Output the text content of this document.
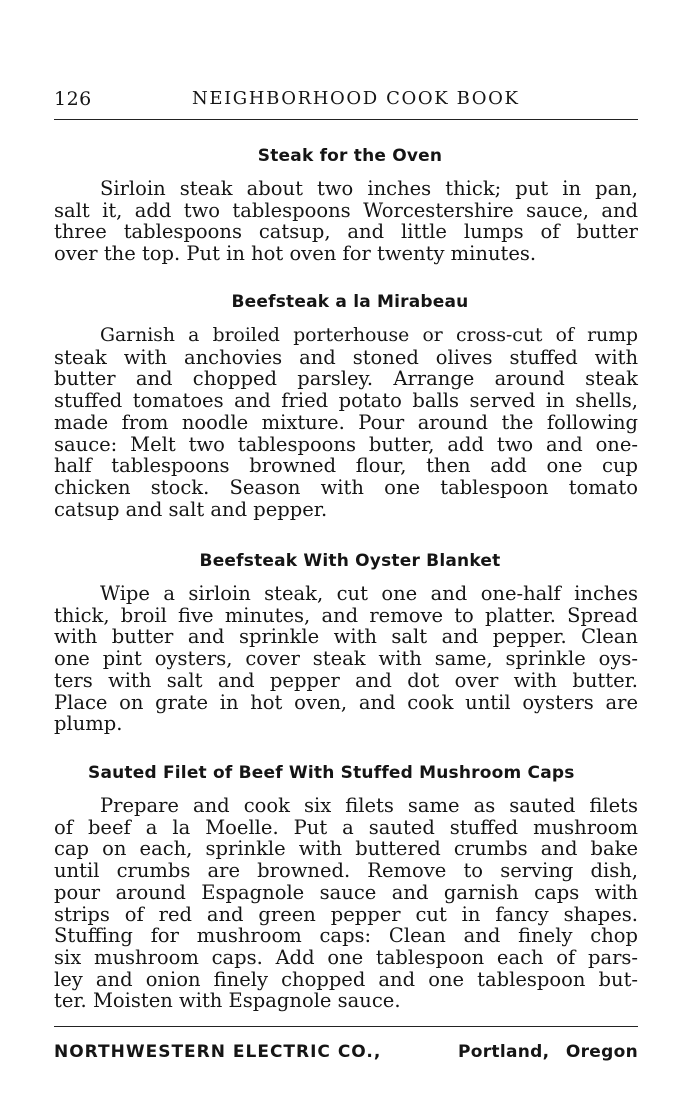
126	NEIGHBORHOOD COOK BOOK
Steak for the Oven
Sirloin steak about two inches thick; put in pan,
salt it, add two tablespoons Worcestershire sauce, and
three tablespoons catsup, and little lumps of butter
over the top. Put in hot oven for twenty minutes.
Beefsteak a la Mirabeau
Garnish a broiled porterhouse or cross-cut of rump
steak with anchovies and stoned olives stuffed with
butter and chopped parsley. Arrange around steak
stuffed tomatoes and fried potato balls served in shells,
made from noodle mixture. Pour around the following
sauce: Melt two tablespoons butter, add two and one-
half tablespoons browned flour, then add one cup
chicken stock. Season with one tablespoon tomato
catsup and salt and pepper.
Beefsteak With Oyster Blanket
Wipe a sirloin steak, cut one and one-half inches
thick, broil five minutes, and remove to platter. Spread
with butter and sprinkle with salt and pepper. Clean
one pint oysters, cover steak with same, sprinkle oys-
ters with salt and pepper and dot over with butter.
Place on grate in hot oven, and cook until oysters are
plump.
Sauted Filet of Beef With Stuffed Mushroom Caps
Prepare and cook six filets same as sauted filets
of beef a la Moelle. Put a sauted stuffed mushroom
cap on each, sprinkle with buttered crumbs and bake
until crumbs are browned. Remove to serving dish,
pour around Espagnole sauce and garnish caps with
strips of red and green pepper cut in fancy shapes.
Stuffing for mushroom caps: Clean and finely chop
six mushroom caps. Add one tablespoon each of pars-
ley and onion finely chopped and one tablespoon but-
ter. Moisten with Espagnole sauce.
NORTHWESTERN ELECTRIC CO.,	Portland, Oregon
